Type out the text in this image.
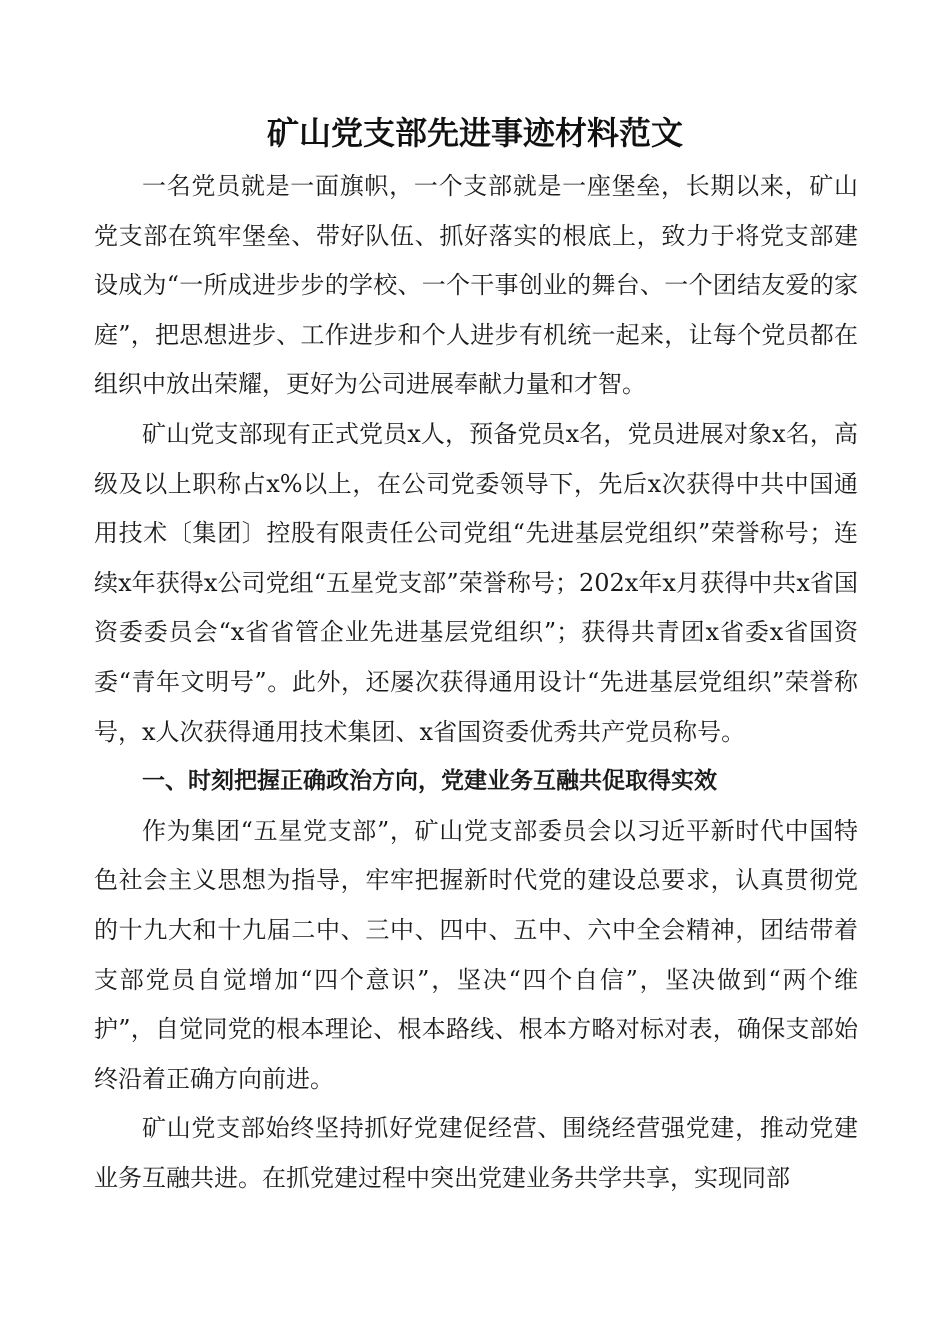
矿山党支部先进事迹材料范文

一名党员就是一面旗帜，一个支部就是一座堡垒，长期以来，矿山党支部在筑牢堡垒、带好队伍、抓好落实的根底上，致力于将党支部建设成为“一所成进步步的学校、一个干事创业的舞台、一个团结友爱的家庭”，把思想进步、工作进步和个人进步有机统一起来，让每个党员都在组织中放出荣耀，更好为公司进展奉献力量和才智。

矿山党支部现有正式党员x人，预备党员x名，党员进展对象x名，高级及以上职称占x%以上，在公司党委领导下，先后x次获得中共中国通用技术〔集团〕控股有限责任公司党组“先进基层党组织”荣誉称号；连续x年获得x公司党组“五星党支部”荣誉称号；202x年x月获得中共x省国资委委员会“x省省管企业先进基层党组织”；获得共青团x省委x省国资委“青年文明号”。此外，还屡次获得通用设计“先进基层党组织”荣誉称号，x人次获得通用技术集团、x省国资委优秀共产党员称号。

一、时刻把握正确政治方向，党建业务互融共促取得实效

作为集团“五星党支部”，矿山党支部委员会以习近平新时代中国特色社会主义思想为指导，牢牢把握新时代党的建设总要求，认真贯彻党的十九大和十九届二中、三中、四中、五中、六中全会精神，团结带着支部党员自觉增加“四个意识”，坚决“四个自信”，坚决做到“两个维护”，自觉同党的根本理论、根本路线、根本方略对标对表，确保支部始终沿着正确方向前进。

矿山党支部始终坚持抓好党建促经营、围绕经营强党建，推动党建业务互融共进。在抓党建过程中突出党建业务共学共享，实现同部
